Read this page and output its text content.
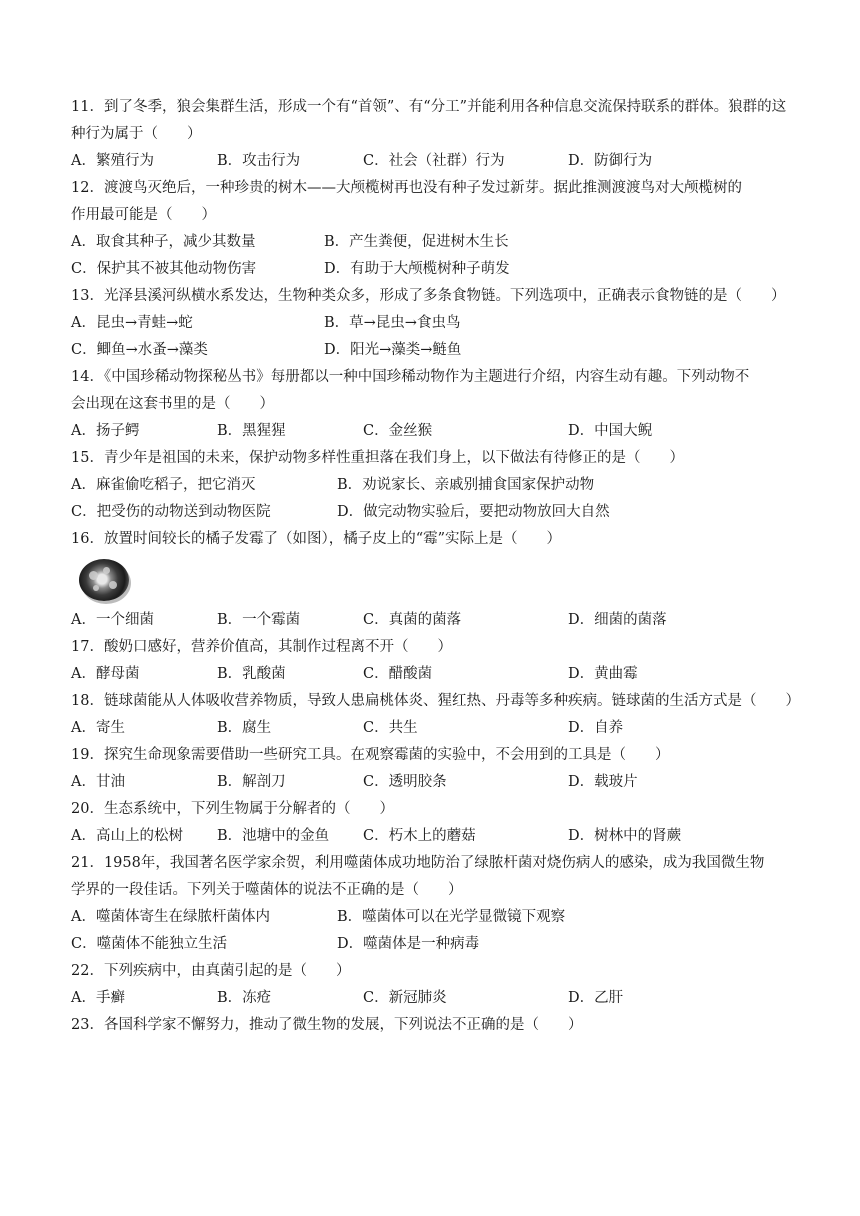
11．到了冬季，狼会集群生活，形成一个有“首领”、有“分工”并能利用各种信息交流保持联系的群体。狼群的这
种行为属于（　　）
A．繁殖行为	B．攻击行为	C．社会（社群）行为	D．防御行为
12．渡渡鸟灭绝后，一种珍贵的树木——大颅榄树再也没有种子发过新芽。据此推测渡渡鸟对大颅榄树的
作用最可能是（　　）
A．取食其种子，减少其数量	B．产生粪便，促进树木生长
C．保护其不被其他动物伤害	D．有助于大颅榄树种子萌发
13．光泽县溪河纵横水系发达，生物种类众多，形成了多条食物链。下列选项中，正确表示食物链的是（　　）
A．昆虫→青蛙→蛇	B．草→昆虫→食虫鸟
C．鲫鱼→水蚤→藻类	D．阳光→藻类→鲢鱼
14．《中国珍稀动物探秘丛书》每册都以一种中国珍稀动物作为主题进行介绍，内容生动有趣。下列动物不
会出现在这套书里的是（　　）
A．扬子鳄	B．黑猩猩	C．金丝猴	D．中国大鲵
15．青少年是祖国的未来，保护动物多样性重担落在我们身上，以下做法有待修正的是（　　）
A．麻雀偷吃稻子，把它消灭	B．劝说家长、亲戚别捕食国家保护动物
C．把受伤的动物送到动物医院	D．做完动物实验后，要把动物放回大自然
16．放置时间较长的橘子发霉了（如图），橘子皮上的“霉”实际上是（　　）
A．一个细菌	B．一个霉菌	C．真菌的菌落	D．细菌的菌落
17．酸奶口感好，营养价值高，其制作过程离不开（　　）
A．酵母菌	B．乳酸菌	C．醋酸菌	D．黄曲霉
18．链球菌能从人体吸收营养物质，导致人患扁桃体炎、猩红热、丹毒等多种疾病。链球菌的生活方式是（　　）
A．寄生	B．腐生	C．共生	D．自养
19．探究生命现象需要借助一些研究工具。在观察霉菌的实验中，不会用到的工具是（　　）
A．甘油	B．解剖刀	C．透明胶条	D．载玻片
20．生态系统中，下列生物属于分解者的（　　）
A．高山上的松树	B．池塘中的金鱼	C．朽木上的蘑菇	D．树林中的肾蕨
21．1958年，我国著名医学家余贺，利用噬菌体成功地防治了绿脓杆菌对烧伤病人的感染，成为我国微生物
学界的一段佳话。下列关于噬菌体的说法不正确的是（　　）
A．噬菌体寄生在绿脓杆菌体内	B．噬菌体可以在光学显微镜下观察
C．噬菌体不能独立生活	D．噬菌体是一种病毒
22．下列疾病中，由真菌引起的是（　　）
A．手癣	B．冻疮	C．新冠肺炎	D．乙肝
23．各国科学家不懈努力，推动了微生物的发展，下列说法不正确的是（　　）
